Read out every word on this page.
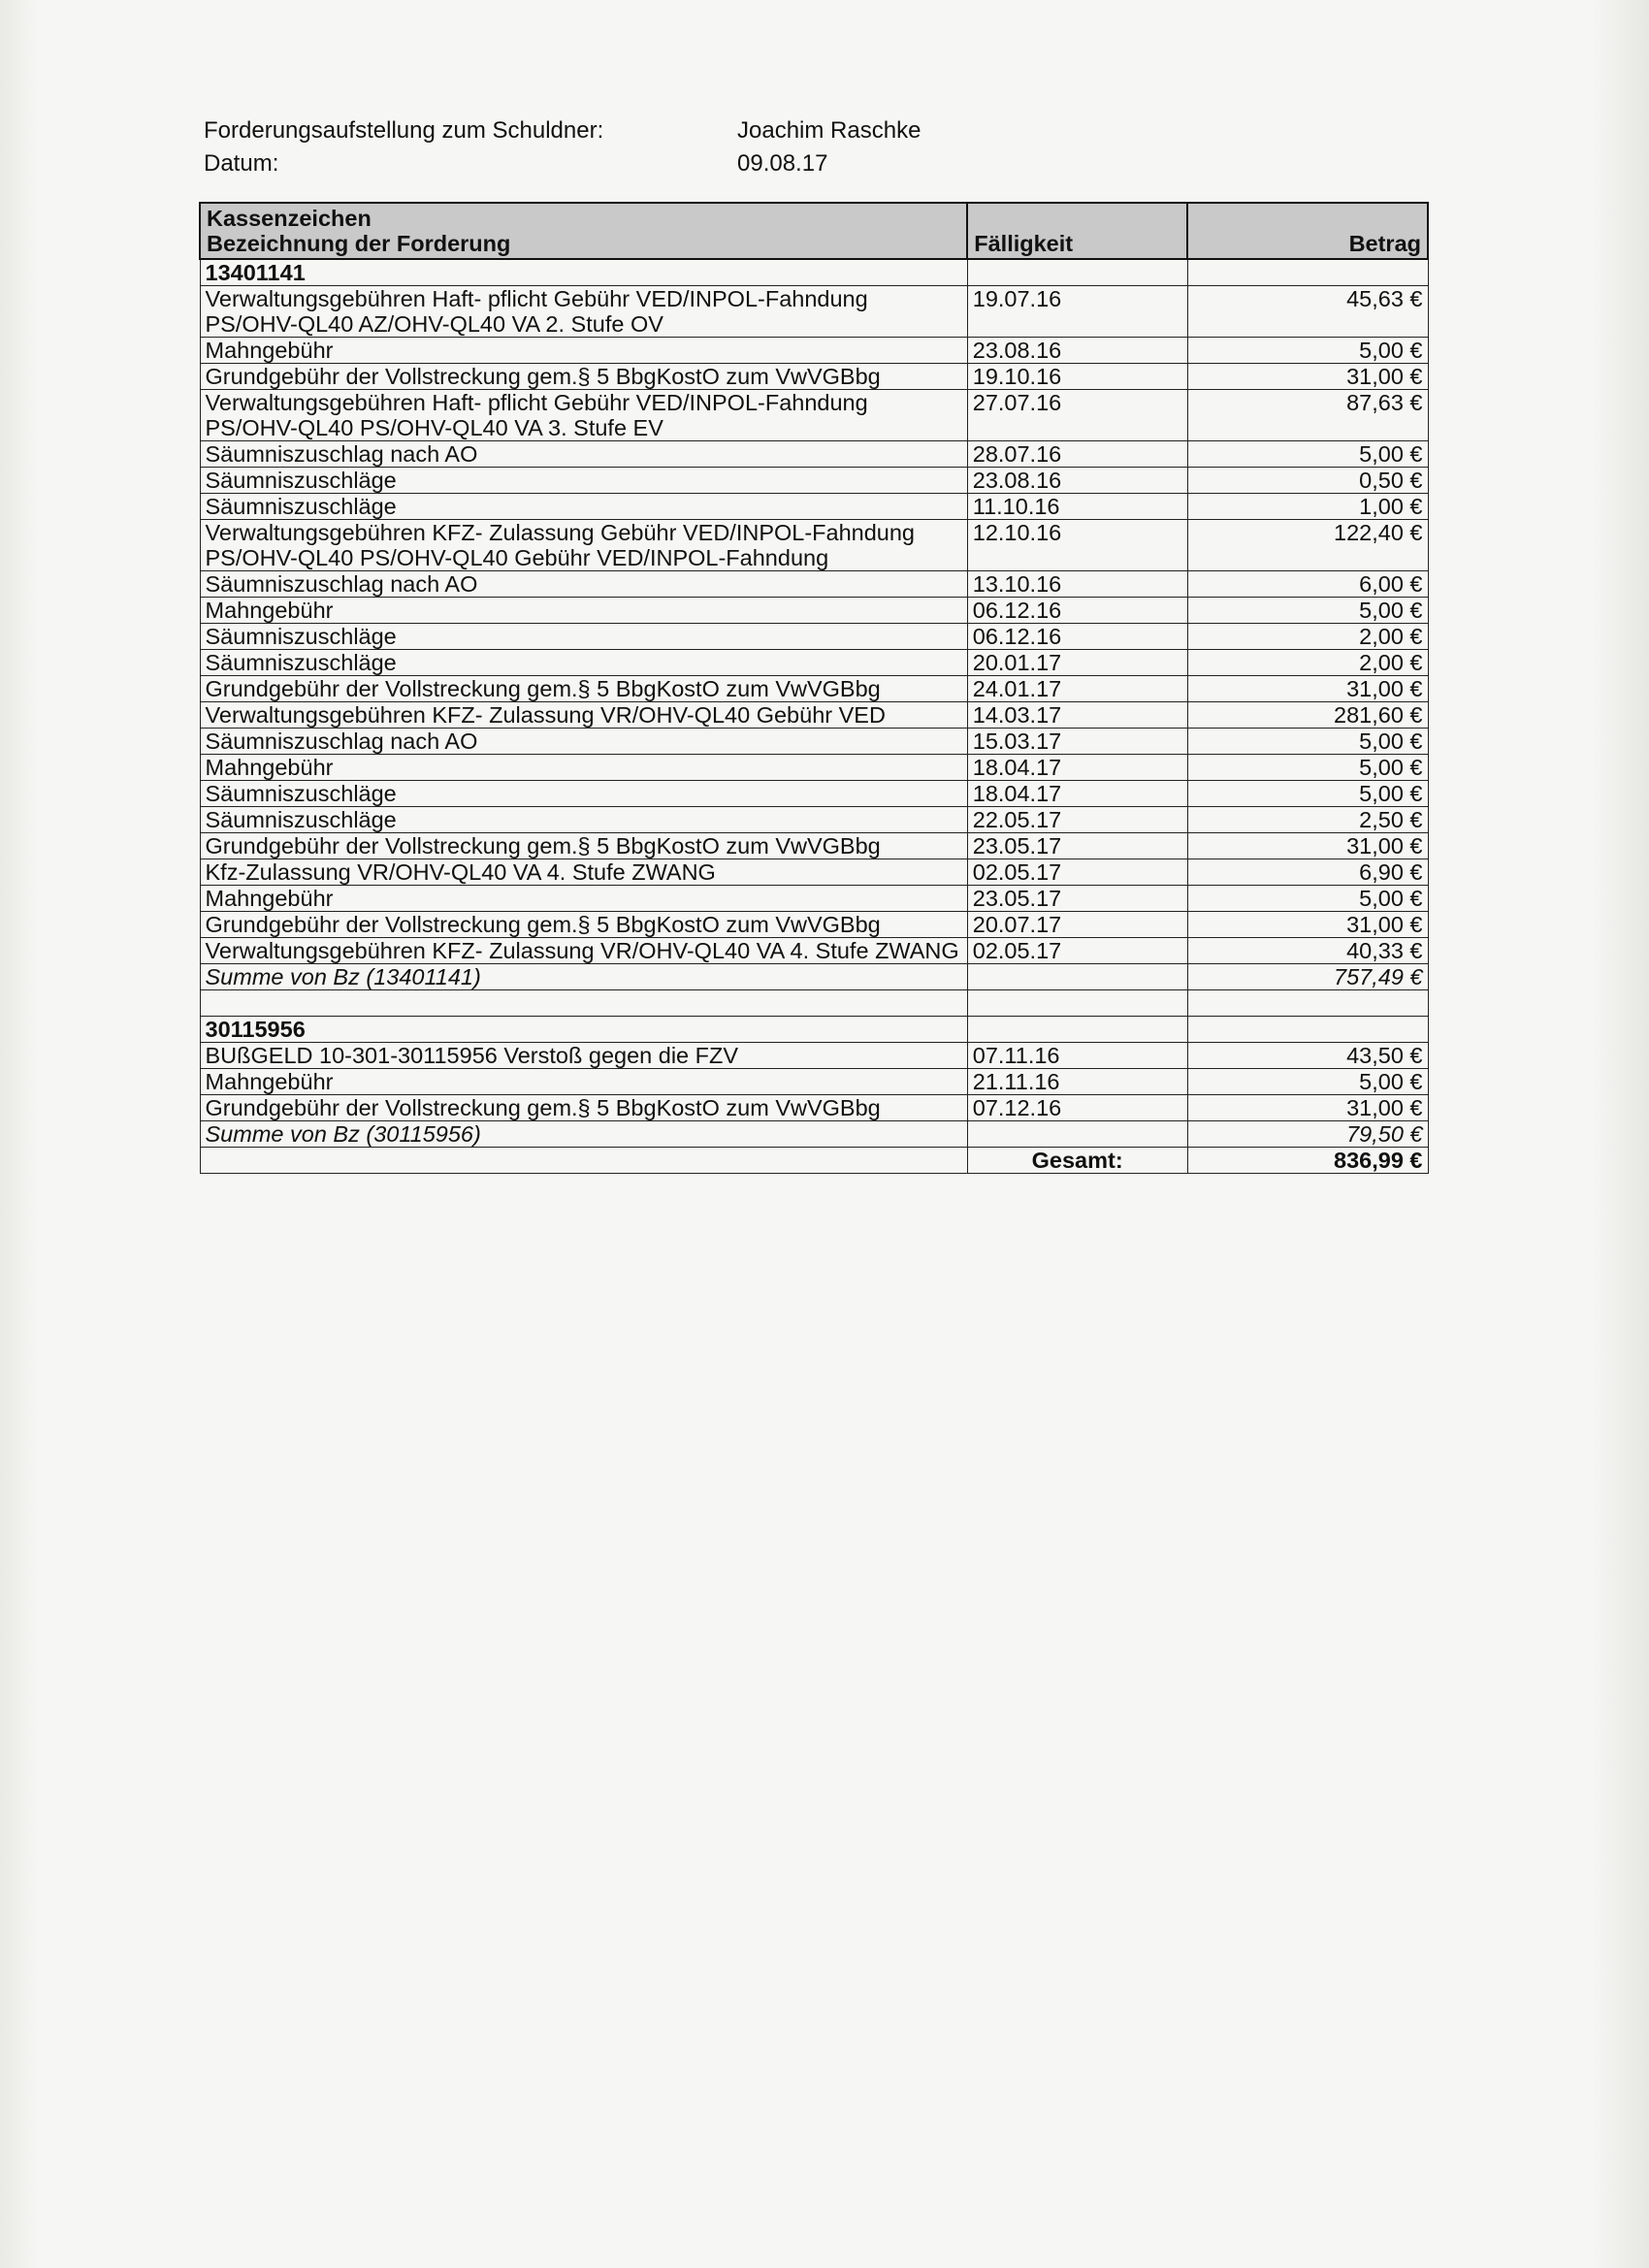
Forderungsaufstellung zum Schuldner:	Joachim Raschke
Datum:	09.08.17
Kassenzeichen
Bezeichnung der Forderung	Fälligkeit	Betrag
13401141		
Verwaltungsgebühren Haft- pflicht Gebühr VED/INPOL-Fahndung PS/OHV-QL40 AZ/OHV-QL40 VA 2. Stufe OV	19.07.16	45,63 €
Mahngebühr	23.08.16	5,00 €
Grundgebühr der Vollstreckung gem.§ 5 BbgKostO zum VwVGBbg	19.10.16	31,00 €
Verwaltungsgebühren Haft- pflicht Gebühr VED/INPOL-Fahndung PS/OHV-QL40 PS/OHV-QL40 VA 3. Stufe EV	27.07.16	87,63 €
Säumniszuschlag nach AO	28.07.16	5,00 €
Säumniszuschläge	23.08.16	0,50 €
Säumniszuschläge	11.10.16	1,00 €
Verwaltungsgebühren KFZ- Zulassung Gebühr VED/INPOL-Fahndung PS/OHV-QL40 PS/OHV-QL40 Gebühr VED/INPOL-Fahndung	12.10.16	122,40 €
Säumniszuschlag nach AO	13.10.16	6,00 €
Mahngebühr	06.12.16	5,00 €
Säumniszuschläge	06.12.16	2,00 €
Säumniszuschläge	20.01.17	2,00 €
Grundgebühr der Vollstreckung gem.§ 5 BbgKostO zum VwVGBbg	24.01.17	31,00 €
Verwaltungsgebühren KFZ- Zulassung VR/OHV-QL40 Gebühr VED	14.03.17	281,60 €
Säumniszuschlag nach AO	15.03.17	5,00 €
Mahngebühr	18.04.17	5,00 €
Säumniszuschläge	18.04.17	5,00 €
Säumniszuschläge	22.05.17	2,50 €
Grundgebühr der Vollstreckung gem.§ 5 BbgKostO zum VwVGBbg	23.05.17	31,00 €
Kfz-Zulassung VR/OHV-QL40 VA 4. Stufe ZWANG	02.05.17	6,90 €
Mahngebühr	23.05.17	5,00 €
Grundgebühr der Vollstreckung gem.§ 5 BbgKostO zum VwVGBbg	20.07.17	31,00 €
Verwaltungsgebühren KFZ- Zulassung VR/OHV-QL40 VA 4. Stufe ZWANG	02.05.17	40,33 €
Summe von Bz (13401141)		757,49 €

30115956		
BUßGELD 10-301-30115956 Verstoß gegen die FZV	07.11.16	43,50 €
Mahngebühr	21.11.16	5,00 €
Grundgebühr der Vollstreckung gem.§ 5 BbgKostO zum VwVGBbg	07.12.16	31,00 €
Summe von Bz (30115956)		79,50 €
	Gesamt:	836,99 €
